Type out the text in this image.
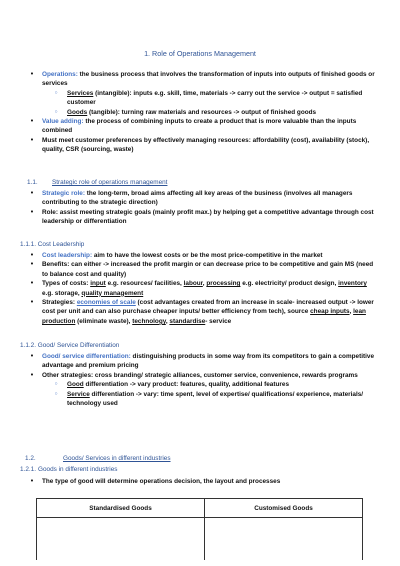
1. Role of Operations Management
•	Operations: the business process that involves the transformation of inputs into outputs of finished goods or services
○	Services (intangible): inputs e.g. skill, time, materials -> carry out the service -> output = satisfied customer
○	Goods (tangible): turning raw materials and resources -> output of finished goods
•	Value adding: the process of combining inputs to create a product that is more valuable than the inputs combined
•	Must meet customer preferences by effectively managing resources: affordability (cost), availability (stock), quality, CSR (sourcing, waste)
1.1. Strategic role of operations management
•	Strategic role: the long-term, broad aims affecting all key areas of the business (involves all managers contributing to the strategic direction)
•	Role: assist meeting strategic goals (mainly profit max.) by helping get a competitive advantage through cost leadership or differentiation
1.1.1. Cost Leadership
•	Cost leadership: aim to have the lowest costs or be the most price-competitive in the market
•	Benefits: can either -> increased the profit margin or can decrease price to be competitive and gain MS (need to balance cost and quality)
•	Types of costs: input e.g. resources/ facilities, labour, processing e.g. electricity/ product design, inventory e.g. storage, quality management
•	Strategies: economies of scale (cost advantages created from an increase in scale- increased output -> lower cost per unit and can also purchase cheaper inputs/ better efficiency from tech), source cheap inputs, lean production (eliminate waste), technology, standardise- service
1.1.2. Good/ Service Differentiation
•	Good/ service differentiation: distinguishing products in some way from its competitors to gain a competitive advantage and premium pricing
•	Other strategies: cross branding/ strategic alliances, customer service, convenience, rewards programs
○	Good differentiation -> vary product: features, quality, additional features
○	Service differentiation -> vary: time spent, level of expertise/ qualifications/ experience, materials/ technology used
1.2.	Goods/ Services in different industries
1.2.1. Goods in different industries
•	The type of good will determine operations decision, the layout and processes
Standardised Goods	Customised Goods
